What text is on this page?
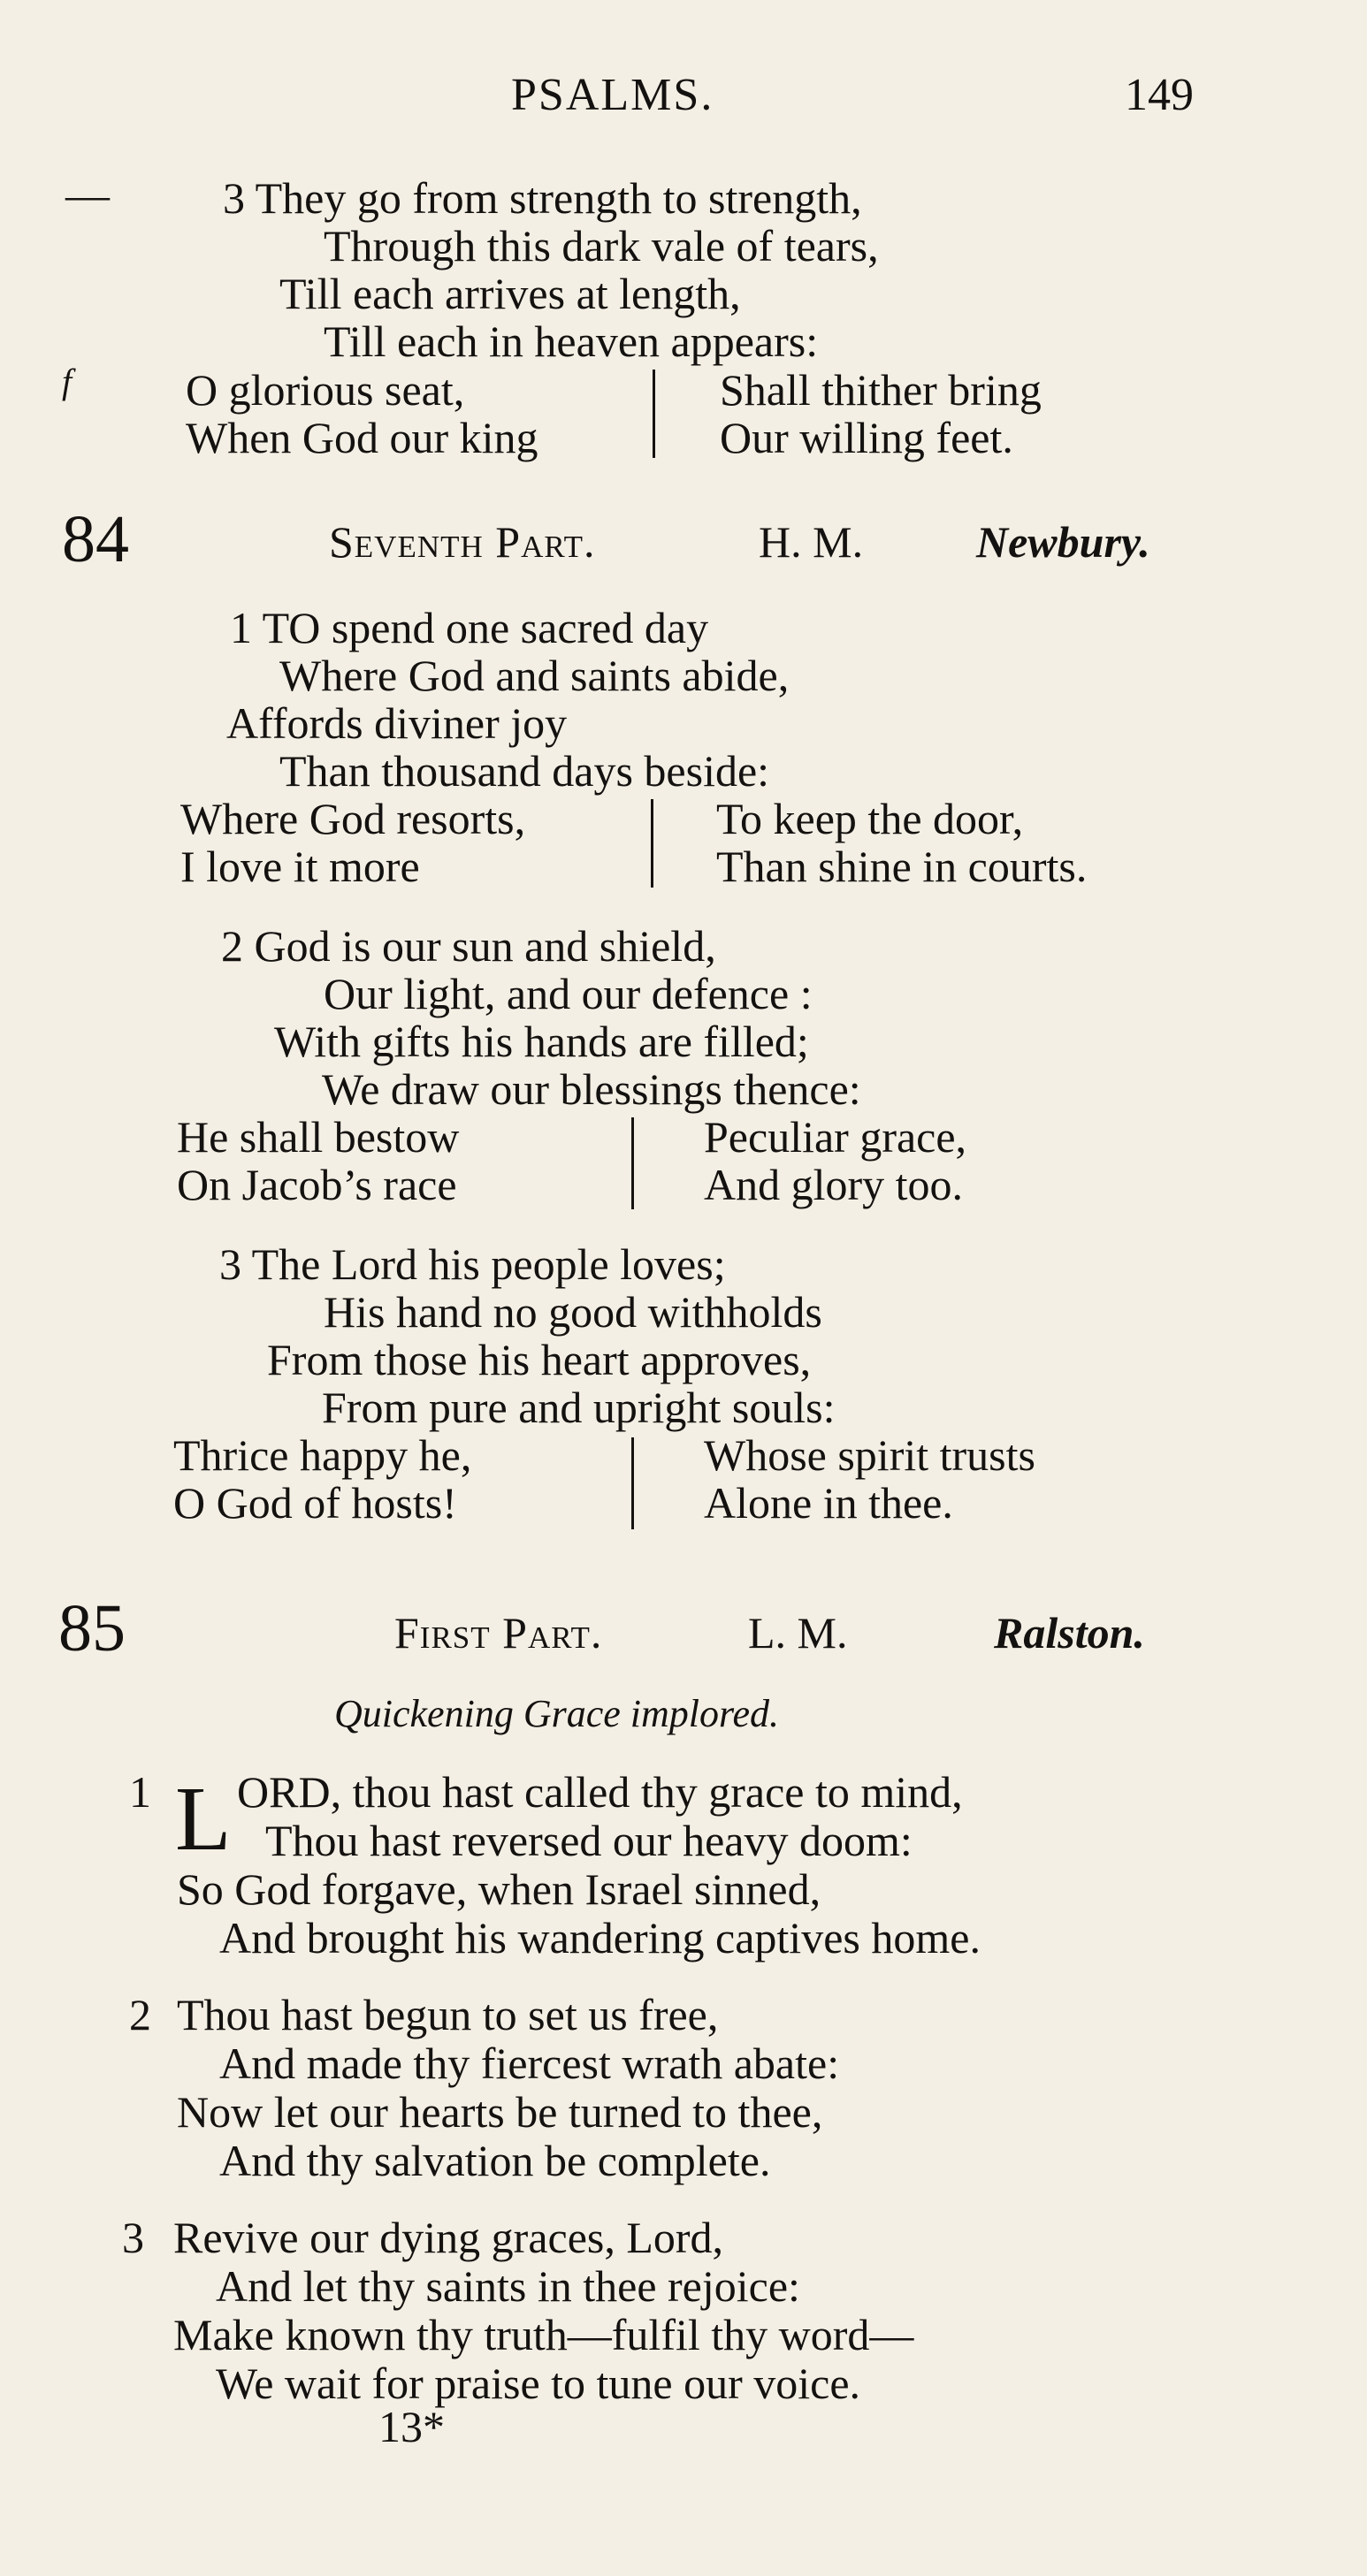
PSALMS.	149
—	3 They go from strength to strength,
Through this dark vale of tears,
Till each arrives at length,
Till each in heaven appears:
f	O glorious seat,
When God our king
Shall thither bring
Our willing feet.
84	Seventh Part.	H. M.	Newbury.
1 TO spend one sacred day
Where God and saints abide,
Affords diviner joy
Than thousand days beside:
Where God resorts,
I love it more
To keep the door,
Than shine in courts.
2 God is our sun and shield,
Our light, and our defence :
With gifts his hands are filled;
We draw our blessings thence:
He shall bestow
On Jacob’s race
Peculiar grace,
And glory too.
3 The Lord his people loves;
His hand no good withholds
From those his heart approves,
From pure and upright souls:
Thrice happy he,
O God of hosts!
Whose spirit trusts
Alone in thee.
85	First Part.	L. M.	Ralston.
Quickening Grace implored.
1 L ORD, thou hast called thy grace to mind,
Thou hast reversed our heavy doom:
So God forgave, when Israel sinned,
And brought his wandering captives home.
2 Thou hast begun to set us free,
And made thy fiercest wrath abate:
Now let our hearts be turned to thee,
And thy salvation be complete.
3 Revive our dying graces, Lord,
And let thy saints in thee rejoice:
Make known thy truth—fulfil thy word—
We wait for praise to tune our voice.
13*
